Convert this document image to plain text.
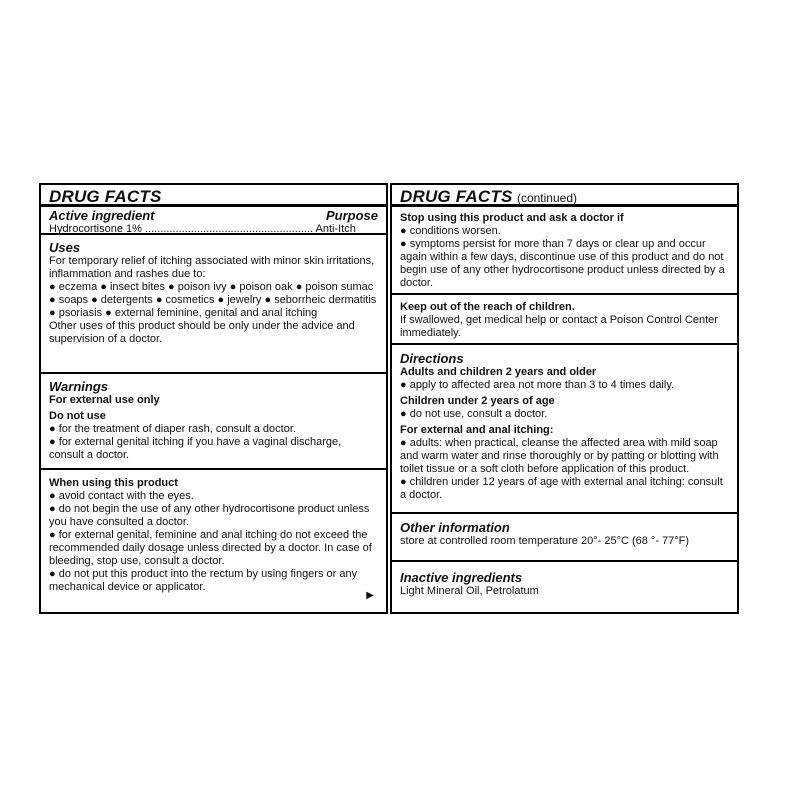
DRUG FACTS
Active ingredient	Purpose
Hydrocortisone 1% ....................................................... Anti-Itch
Uses

For temporary relief of itching associated with minor skin irritations, inflammation and rashes due to:

● eczema ● insect bites ● poison ivy ● poison oak ● poison sumac ● soaps ● detergents ● cosmetics ● jewelry ● seborrheic dermatitis ● psoriasis ● external feminine, genital and anal itching

Other uses of this product should be only under the advice and supervision of a doctor.

Warnings

For external use only

Do not use

● for the treatment of diaper rash, consult a doctor.

● for external genital itching if you have a vaginal discharge, consult a doctor.

When using this product

● avoid contact with the eyes.

● do not begin the use of any other hydrocortisone product unless you have consulted a doctor.

● for external genital, feminine and anal itching do not exceed the recommended daily dosage unless directed by a doctor. In case of bleeding, stop use, consult a doctor.

● do not put this product into the rectum by using fingers or any mechanical device or applicator.

▶
DRUG FACTS (continued)

Stop using this product and ask a doctor if

● conditions worsen.

● symptoms persist for more than 7 days or clear up and occur again within a few days, discontinue use of this product and do not begin use of any other hydrocortisone product unless directed by a doctor.

Keep out of the reach of children.

If swallowed, get medical help or contact a Poison Control Center immediately.

Directions

Adults and children 2 years and older

● apply to affected area not more than 3 to 4 times daily.

Children under 2 years of age

● do not use, consult a doctor.

For external and anal itching:

● adults: when practical, cleanse the affected area with mild soap and warm water and rinse thoroughly or by patting or blotting with toilet tissue or a soft cloth before application of this product.

● children under 12 years of age with external anal itching: consult a doctor.

Other information

store at controlled room temperature 20°- 25°C (68 °- 77°F)

Inactive ingredients

Light Mineral Oil, Petrolatum
